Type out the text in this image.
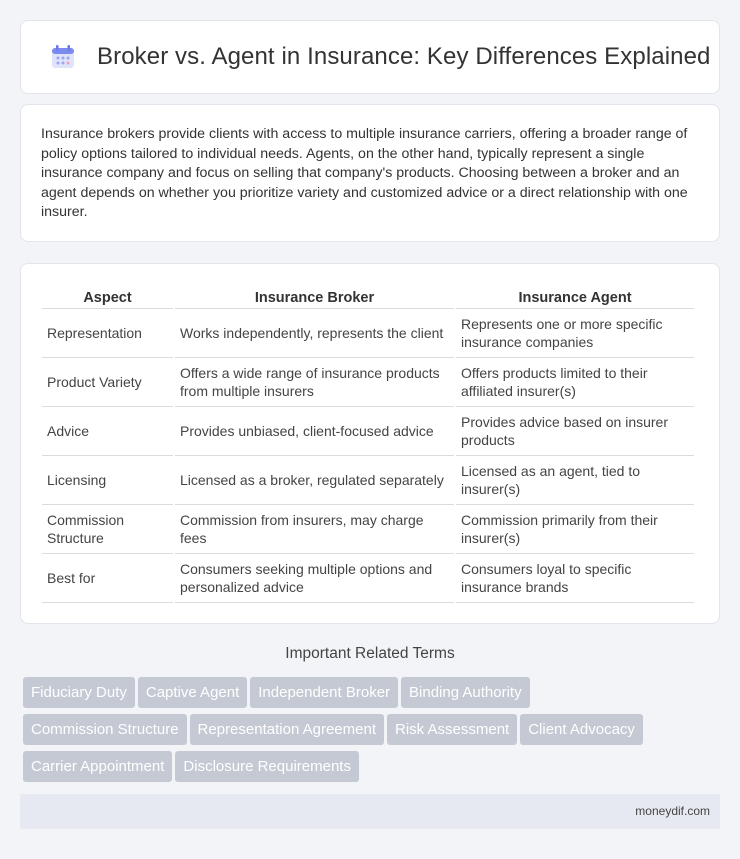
Broker vs. Agent in Insurance: Key Differences Explained

Insurance brokers provide clients with access to multiple insurance carriers, offering a broader range of policy options tailored to individual needs. Agents, on the other hand, typically represent a single insurance company and focus on selling that company's products. Choosing between a broker and an agent depends on whether you prioritize variety and customized advice or a direct relationship with one insurer.

Aspect	Insurance Broker	Insurance Agent
Representation	Works independently, represents the client	Represents one or more specific insurance companies
Product Variety	Offers a wide range of insurance products from multiple insurers	Offers products limited to their affiliated insurer(s)
Advice	Provides unbiased, client-focused advice	Provides advice based on insurer products
Licensing	Licensed as a broker, regulated separately	Licensed as an agent, tied to insurer(s)
Commission Structure	Commission from insurers, may charge fees	Commission primarily from their insurer(s)
Best for	Consumers seeking multiple options and personalized advice	Consumers loyal to specific insurance brands
Important Related Terms
Fiduciary Duty Captive Agent Independent Broker Binding Authority
Commission Structure Representation Agreement Risk Assessment Client Advocacy
Carrier Appointment Disclosure Requirements
moneydif.com
